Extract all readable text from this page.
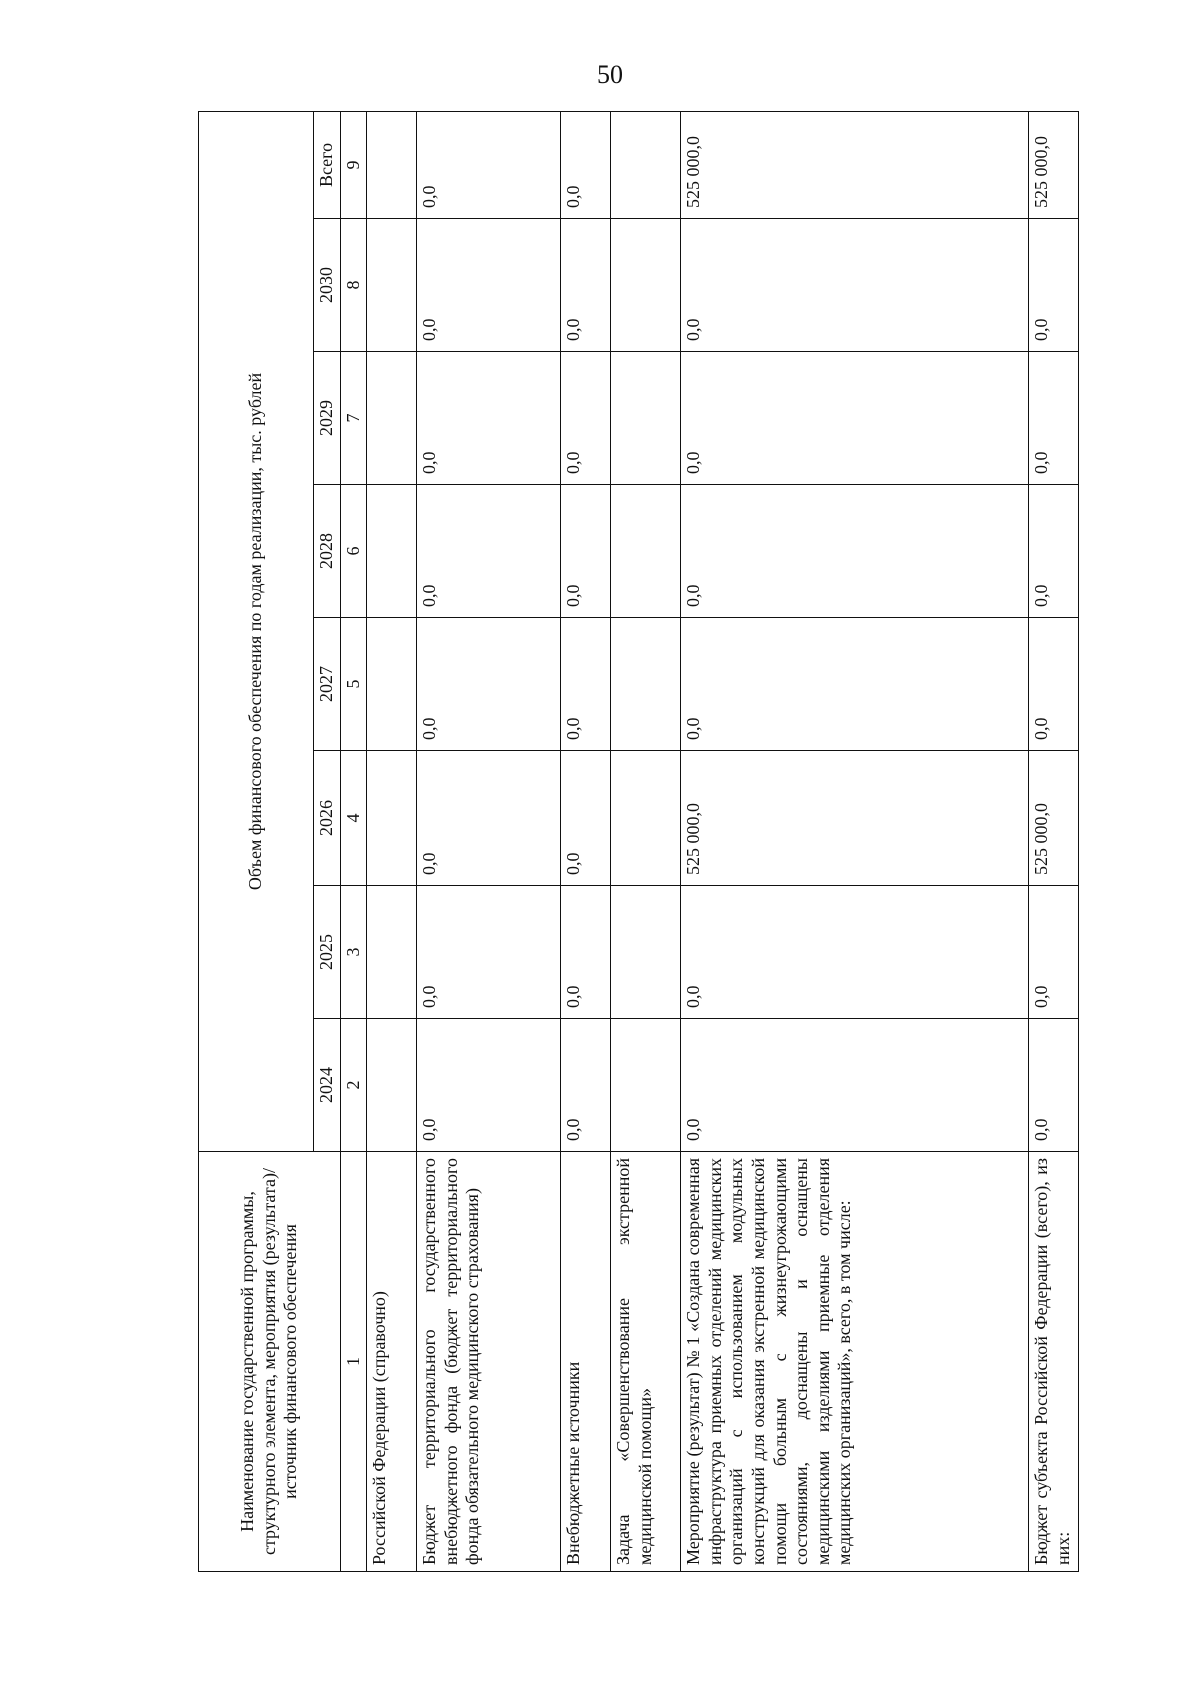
50
Наименование государственной программы, структурного элемента, мероприятия (результата)/источник финансового обеспечения	Объем финансового обеспечения по годам реализации, тыс. рублей							
	2024	2025	2026	2027	2028	2029	2030	Всего
1	2	3	4	5	6	7	8	9
Российской Федерации (справочно)								
Бюджет территориального государственного внебюджетного фонда (бюджет территориального фонда обязательного медицинского страхования)	0,0	0,0	0,0	0,0	0,0	0,0	0,0	0,0
Внебюджетные источники	0,0	0,0	0,0	0,0	0,0	0,0	0,0	0,0
Задача «Совершенствование экстренной медицинской помощи»								
Мероприятие (результат) № 1 «Создана современная инфраструктура приемных отделений медицинских организаций с использованием модульных конструкций для оказания экстренной медицинской помощи больным с жизнеугрожающими состояниями, доснащены и оснащены медицинскими изделиями приемные отделения медицинских организаций», всего, в том числе:	0,0	0,0	525 000,0	0,0	0,0	0,0	0,0	525 000,0
Бюджет субъекта Российской Федерации (всего), из них:	0,0	0,0	525 000,0	0,0	0,0	0,0	0,0	525 000,0
